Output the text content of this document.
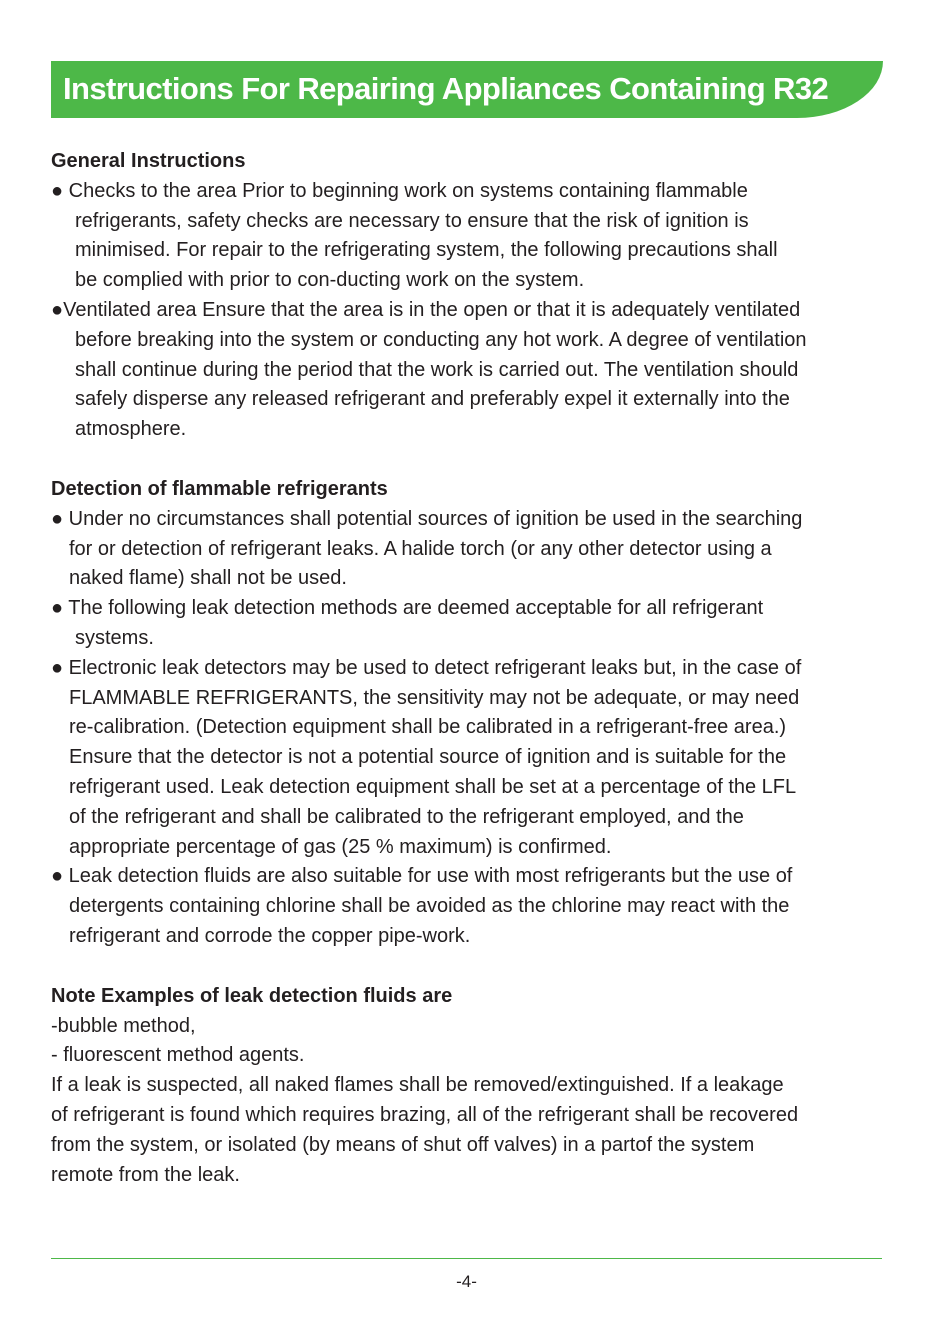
Instructions For Repairing Appliances Containing R32

General Instructions

● Checks to the area Prior to beginning work on systems containing flammable

refrigerants, safety checks are necessary to ensure that the risk of ignition is

minimised. For repair to the refrigerating system, the following precautions shall

be complied with prior to con-ducting work on the system.

●Ventilated area Ensure that the area is in the open or that it is adequately ventilated

before breaking into the system or conducting any hot work. A degree of ventilation

shall continue during the period that the work is carried out. The ventilation should

safely disperse any released refrigerant and preferably expel it externally into the

atmosphere.

Detection of flammable refrigerants

● Under no circumstances shall potential sources of ignition be used in the searching

for or detection of refrigerant leaks. A halide torch (or any other detector using a

naked flame) shall not be used.

● The following leak detection methods are deemed acceptable for all refrigerant

systems.

● Electronic leak detectors may be used to detect refrigerant leaks but, in the case of

FLAMMABLE REFRIGERANTS, the sensitivity may not be adequate, or may need

re-calibration. (Detection equipment shall be calibrated in a refrigerant-free area.)

Ensure that the detector is not a potential source of ignition and is suitable for the

refrigerant used. Leak detection equipment shall be set at a percentage of the LFL

of the refrigerant and shall be calibrated to the refrigerant employed, and the

appropriate percentage of gas (25 % maximum) is confirmed.

● Leak detection fluids are also suitable for use with most refrigerants but the use of

detergents containing chlorine shall be avoided as the chlorine may react with the

refrigerant and corrode the copper pipe-work.

Note Examples of leak detection fluids are

-bubble method,

- fluorescent method agents.

If a leak is suspected, all naked flames shall be removed/extinguished. If a leakage

of refrigerant is found which requires brazing, all of the refrigerant shall be recovered

from the system, or isolated (by means of shut off valves) in a partof the system

remote from the leak.

-4-
